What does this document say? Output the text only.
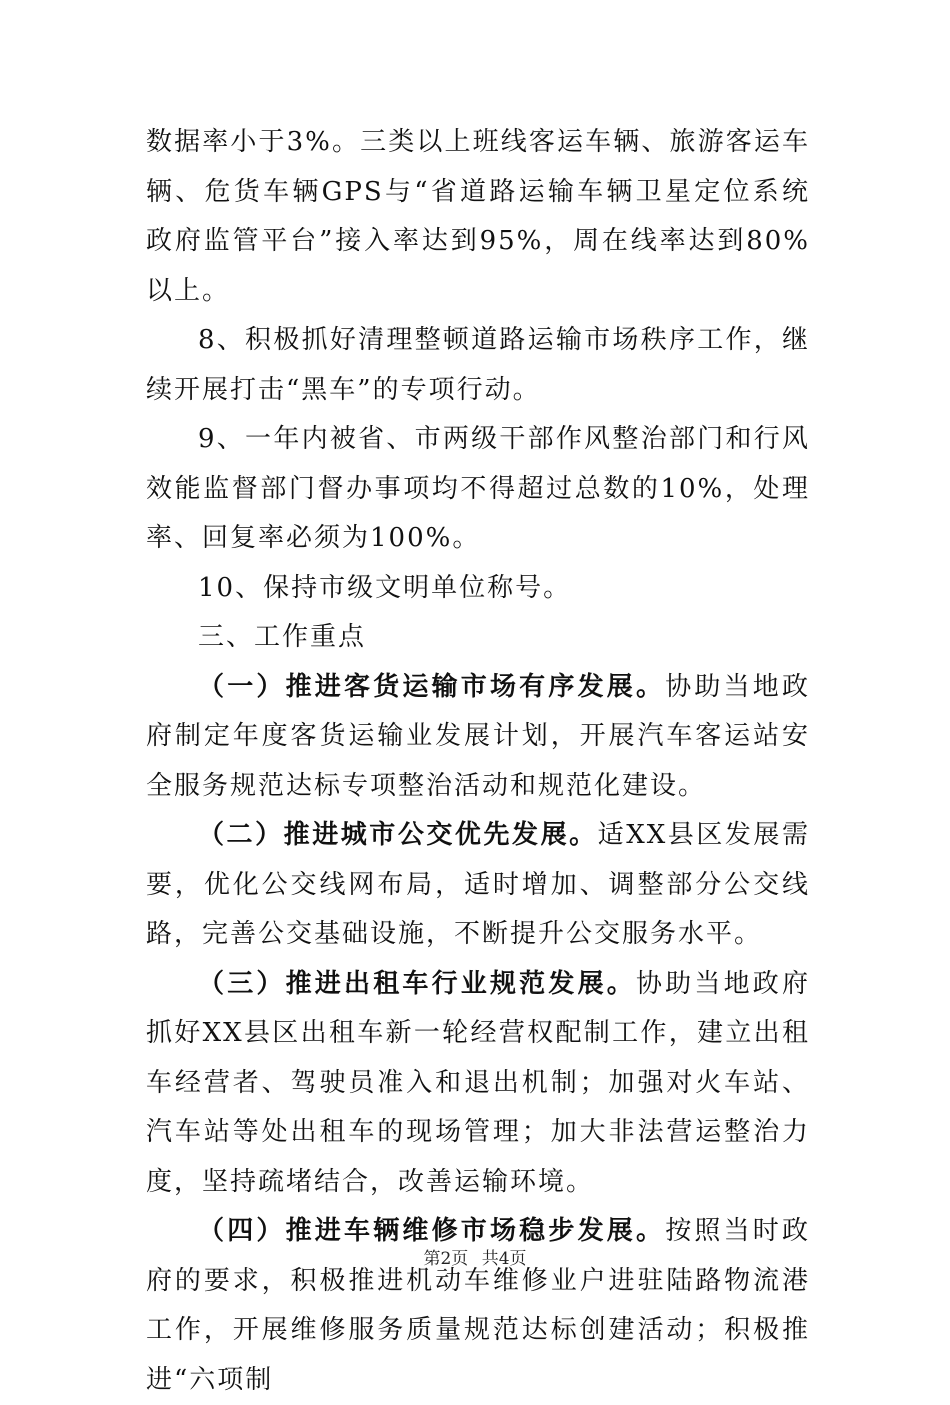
数据率小于3%。三类以上班线客运车辆、旅游客运车辆、危货车辆GPS与“省道路运输车辆卫星定位系统政府监管平台”接入率达到95%，周在线率达到80%以上。

8、积极抓好清理整顿道路运输市场秩序工作，继续开展打击“黑车”的专项行动。

9、一年内被省、市两级干部作风整治部门和行风效能监督部门督办事项均不得超过总数的10%，处理率、回复率必须为100%。

10、保持市级文明单位称号。

三、工作重点

（一）推进客货运输市场有序发展。协助当地政府制定年度客货运输业发展计划，开展汽车客运站安全服务规范达标专项整治活动和规范化建设。

（二）推进城市公交优先发展。适XX县区发展需要，优化公交线网布局，适时增加、调整部分公交线路，完善公交基础设施，不断提升公交服务水平。

（三）推进出租车行业规范发展。协助当地政府抓好XX县区出租车新一轮经营权配制工作，建立出租车经营者、驾驶员准入和退出机制；加强对火车站、汽车站等处出租车的现场管理；加大非法营运整治力度，坚持疏堵结合，改善运输环境。

（四）推进车辆维修市场稳步发展。按照当时政府的要求，积极推进机动车维修业户进驻陆路物流港工作，开展维修服务质量规范达标创建活动；积极推进“六项制

第2页 共4页
